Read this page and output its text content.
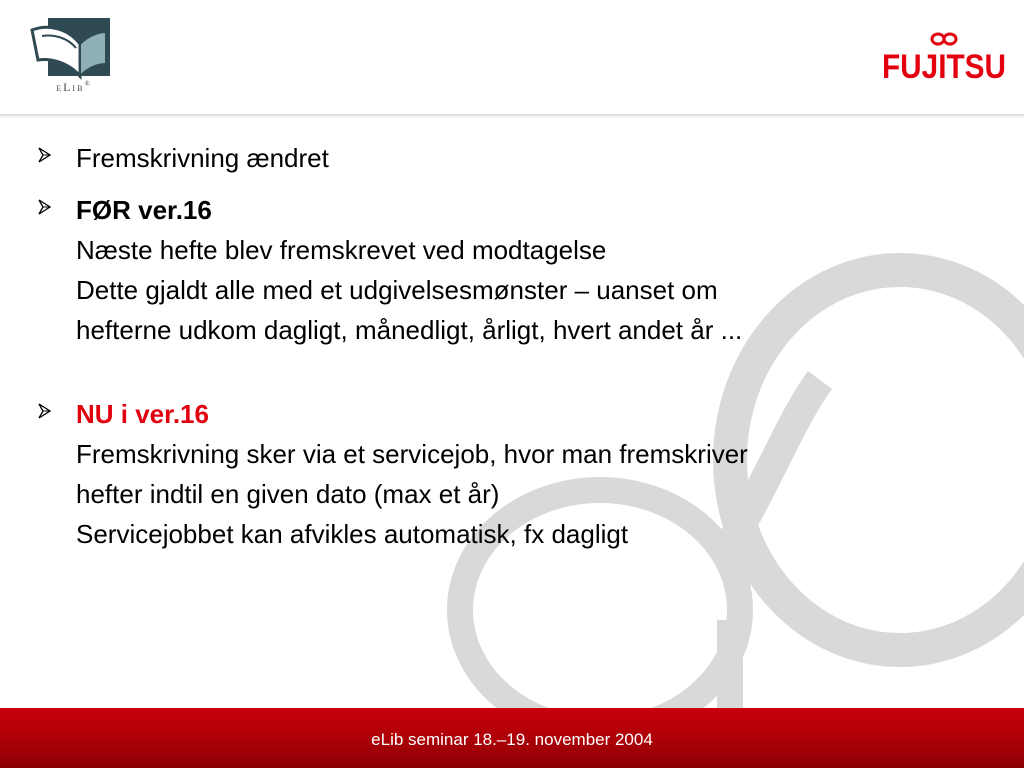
eLib®	FUJITSU
Fremskrivning ændret
FØR ver.16
Næste hefte blev fremskrevet ved modtagelse
Dette gjaldt alle med et udgivelsesmønster – uanset om
hefterne udkom dagligt, månedligt, årligt, hvert andet år ...
NU i ver.16
Fremskrivning sker via et servicejob, hvor man fremskriver
hefter indtil en given dato (max et år)
Servicejobbet kan afvikles automatisk, fx dagligt
eLib seminar 18.–19. november 2004
